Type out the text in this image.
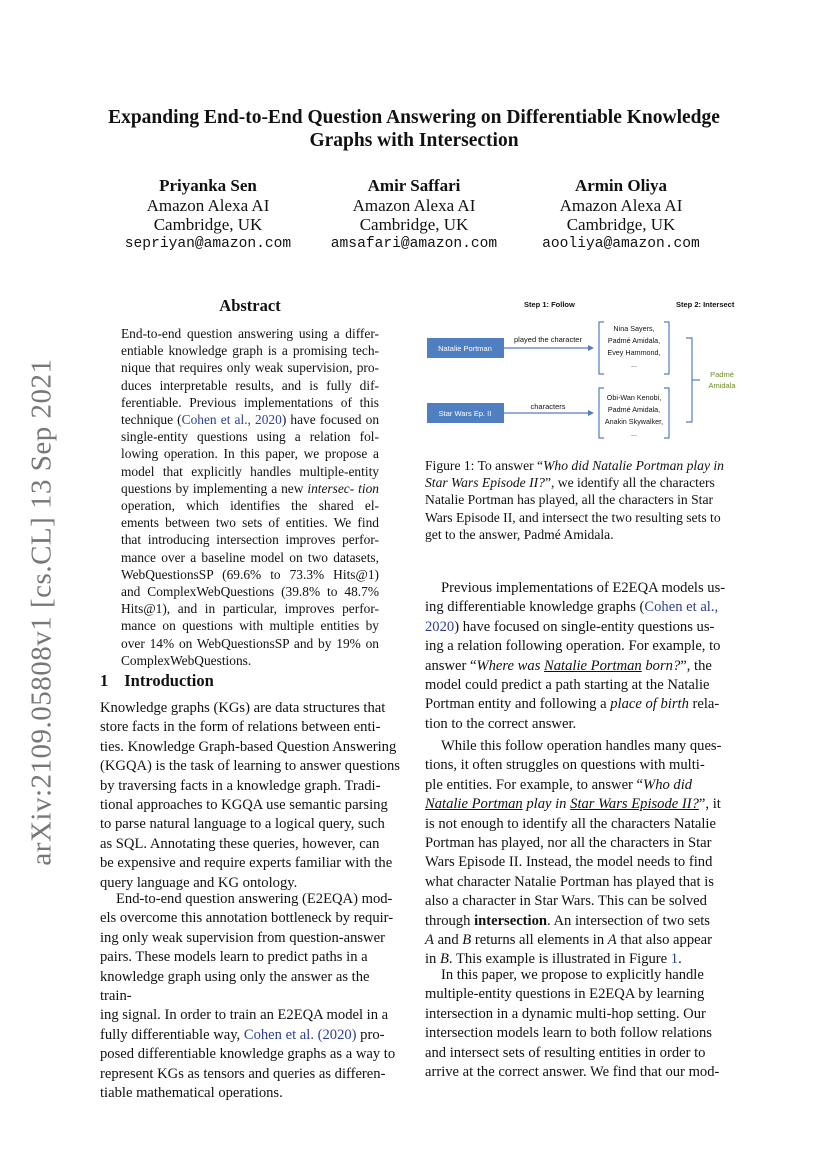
arXiv:2109.05808v1 [cs.CL] 13 Sep 2021
Expanding End-to-End Question Answering on Differentiable Knowledge Graphs with Intersection
Priyanka Sen
Amazon Alexa AI
Cambridge, UK
sepriyan@amazon.com
Amir Saffari
Amazon Alexa AI
Cambridge, UK
amsafari@amazon.com
Armin Oliya
Amazon Alexa AI
Cambridge, UK
aooliya@amazon.com
Abstract
End-to-end question answering using a differ- entiable knowledge graph is a promising tech- nique that requires only weak supervision, pro- duces interpretable results, and is fully dif- ferentiable. Previous implementations of this technique (Cohen et al., 2020) have focused on single-entity questions using a relation fol- lowing operation. In this paper, we propose a model that explicitly handles multiple-entity questions by implementing a new intersec- tion operation, which identifies the shared el- ements between two sets of entities. We find that introducing intersection improves perfor- mance over a baseline model on two datasets, WebQuestionsSP (69.6% to 73.3% Hits@1) and ComplexWebQuestions (39.8% to 48.7% Hits@1), and in particular, improves perfor- mance on questions with multiple entities by over 14% on WebQuestionsSP and by 19% on ComplexWebQuestions.
1 Introduction
Knowledge graphs (KGs) are data structures that
store facts in the form of relations between enti-
ties. Knowledge Graph-based Question Answering
(KGQA) is the task of learning to answer questions
by traversing facts in a knowledge graph. Tradi-
tional approaches to KGQA use semantic parsing
to parse natural language to a logical query, such
as SQL. Annotating these queries, however, can
be expensive and require experts familiar with the
query language and KG ontology.
End-to-end question answering (E2EQA) mod-
els overcome this annotation bottleneck by requir-
ing only weak supervision from question-answer
pairs. These models learn to predict paths in a
knowledge graph using only the answer as the train-
ing signal. In order to train an E2EQA model in a
fully differentiable way, Cohen et al. (2020) pro-
posed differentiable knowledge graphs as a way to
represent KGs as tensors and queries as differen-
tiable mathematical operations.
Step 1: Follow	Step 2: Intersect
Natalie Portman
played the character
Star Wars Ep. II
characters
Nina Sayers,
Padmé Amidala,
Evey Hammond,
...
Obi-Wan Kenobi,
Padmé Amidala,
Anakin Skywalker,
...
Padmé
Amidala
Figure 1: To answer “Who did Natalie Portman play in
Star Wars Episode II?”, we identify all the characters
Natalie Portman has played, all the characters in Star
Wars Episode II, and intersect the two resulting sets to
get to the answer, Padmé Amidala.
Previous implementations of E2EQA models us-
ing differentiable knowledge graphs (Cohen et al.,
2020) have focused on single-entity questions us-
ing a relation following operation. For example, to
answer “Where was Natalie Portman born?”, the
model could predict a path starting at the Natalie
Portman entity and following a place of birth rela-
tion to the correct answer.
While this follow operation handles many ques-
tions, it often struggles on questions with multi-
ple entities. For example, to answer “Who did
Natalie Portman play in Star Wars Episode II?”, it
is not enough to identify all the characters Natalie
Portman has played, nor all the characters in Star
Wars Episode II. Instead, the model needs to find
what character Natalie Portman has played that is
also a character in Star Wars. This can be solved
through intersection. An intersection of two sets
A and B returns all elements in A that also appear
in B. This example is illustrated in Figure 1.
In this paper, we propose to explicitly handle
multiple-entity questions in E2EQA by learning
intersection in a dynamic multi-hop setting. Our
intersection models learn to both follow relations
and intersect sets of resulting entities in order to
arrive at the correct answer. We find that our mod-
